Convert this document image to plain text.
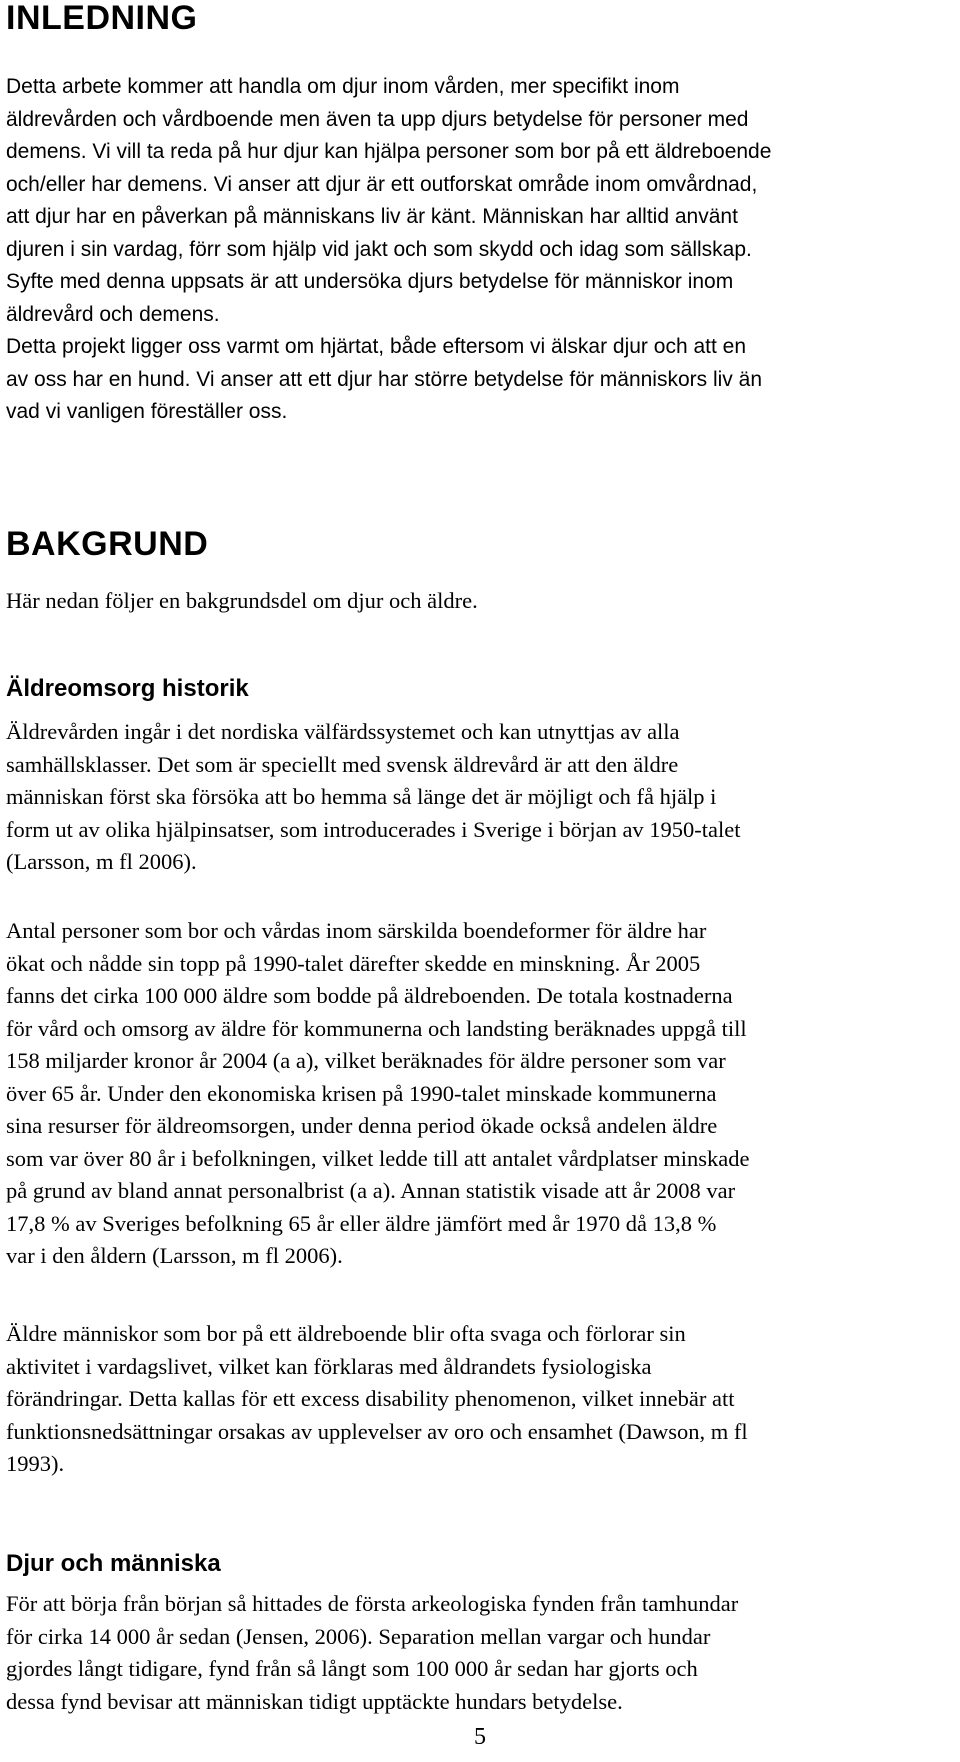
INLEDNING
Detta arbete kommer att handla om djur inom vården, mer specifikt inom
äldrevården och vårdboende men även ta upp djurs betydelse för personer med
demens. Vi vill ta reda på hur djur kan hjälpa personer som bor på ett äldreboende
och/eller har demens. Vi anser att djur är ett outforskat område inom omvårdnad,
att djur har en påverkan på människans liv är känt. Människan har alltid använt
djuren i sin vardag, förr som hjälp vid jakt och som skydd och idag som sällskap.
Syfte med denna uppsats är att undersöka djurs betydelse för människor inom
äldrevård och demens.
Detta projekt ligger oss varmt om hjärtat, både eftersom vi älskar djur och att en
av oss har en hund. Vi anser att ett djur har större betydelse för människors liv än
vad vi vanligen föreställer oss.
BAKGRUND

Här nedan följer en bakgrundsdel om djur och äldre.

Äldreomsorg historik
Äldrevården ingår i det nordiska välfärdssystemet och kan utnyttjas av alla
samhällsklasser. Det som är speciellt med svensk äldrevård är att den äldre
människan först ska försöka att bo hemma så länge det är möjligt och få hjälp i
form ut av olika hjälpinsatser, som introducerades i Sverige i början av 1950-talet
(Larsson, m fl 2006).
Antal personer som bor och vårdas inom särskilda boendeformer för äldre har
ökat och nådde sin topp på 1990-talet därefter skedde en minskning. År 2005
fanns det cirka 100 000 äldre som bodde på äldreboenden. De totala kostnaderna
för vård och omsorg av äldre för kommunerna och landsting beräknades uppgå till
158 miljarder kronor år 2004 (a a), vilket beräknades för äldre personer som var
över 65 år. Under den ekonomiska krisen på 1990-talet minskade kommunerna
sina resurser för äldreomsorgen, under denna period ökade också andelen äldre
som var över 80 år i befolkningen, vilket ledde till att antalet vårdplatser minskade
på grund av bland annat personalbrist (a a). Annan statistik visade att år 2008 var
17,8 % av Sveriges befolkning 65 år eller äldre jämfört med år 1970 då 13,8 %
var i den åldern (Larsson, m fl 2006).
Äldre människor som bor på ett äldreboende blir ofta svaga och förlorar sin
aktivitet i vardagslivet, vilket kan förklaras med åldrandets fysiologiska
förändringar. Detta kallas för ett excess disability phenomenon, vilket innebär att
funktionsnedsättningar orsakas av upplevelser av oro och ensamhet (Dawson, m fl
1993).
Djur och människa
För att börja från början så hittades de första arkeologiska fynden från tamhundar
för cirka 14 000 år sedan (Jensen, 2006). Separation mellan vargar och hundar
gjordes långt tidigare, fynd från så långt som 100 000 år sedan har gjorts och
dessa fynd bevisar att människan tidigt upptäckte hundars betydelse.
5
